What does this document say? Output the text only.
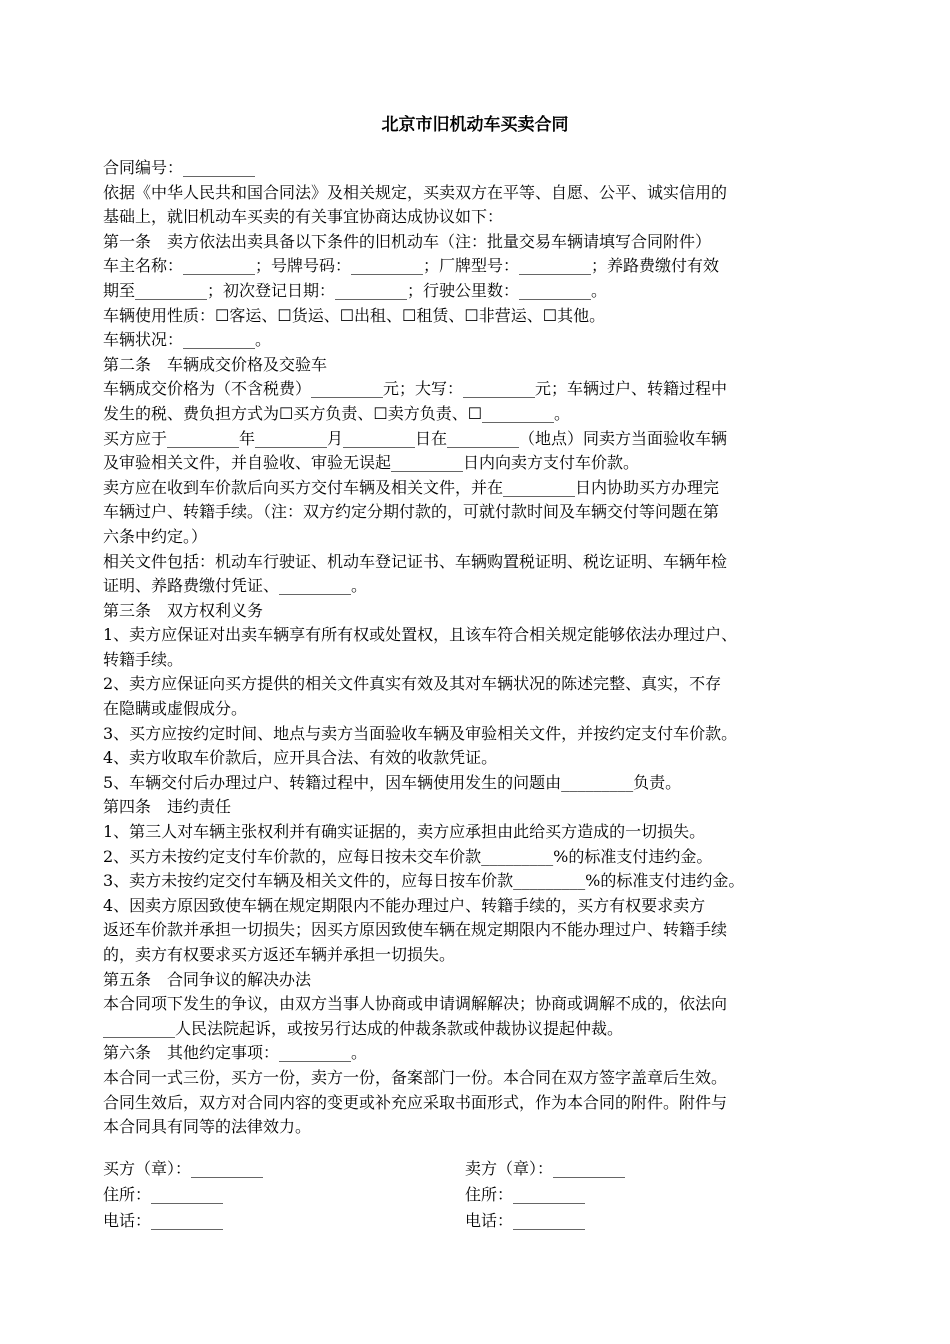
北京市旧机动车买卖合同

合同编号：_________

依据《中华人民共和国合同法》及相关规定，买卖双方在平等、自愿、公平、诚实信用的

基础上，就旧机动车买卖的有关事宜协商达成协议如下：

第一条　卖方依法出卖具备以下条件的旧机动车（注：批量交易车辆请填写合同附件）

车主名称：_________；号牌号码：_________；厂牌型号：_________；养路费缴付有效

期至_________；初次登记日期：_________；行驶公里数：_________。

车辆使用性质：☐客运、☐货运、☐出租、☐租赁、☐非营运、☐其他。

车辆状况：_________。

第二条　车辆成交价格及交验车

车辆成交价格为（不含税费）_________元；大写：_________元；车辆过户、转籍过程中

发生的税、费负担方式为☐买方负责、☐卖方负责、☐_________。

买方应于_________年_________月_________日在_________（地点）同卖方当面验收车辆

及审验相关文件，并自验收、审验无误起_________日内向卖方支付车价款。

卖方应在收到车价款后向买方交付车辆及相关文件，并在_________日内协助买方办理完

车辆过户、转籍手续。（注：双方约定分期付款的，可就付款时间及车辆交付等问题在第

六条中约定。）

相关文件包括：机动车行驶证、机动车登记证书、车辆购置税证明、税讫证明、车辆年检

证明、养路费缴付凭证、_________。

第三条　双方权利义务

1、卖方应保证对出卖车辆享有所有权或处置权，且该车符合相关规定能够依法办理过户、

转籍手续。

2、卖方应保证向买方提供的相关文件真实有效及其对车辆状况的陈述完整、真实，不存

在隐瞒或虚假成分。

3、买方应按约定时间、地点与卖方当面验收车辆及审验相关文件，并按约定支付车价款。

4、卖方收取车价款后，应开具合法、有效的收款凭证。

5、车辆交付后办理过户、转籍过程中，因车辆使用发生的问题由_________负责。

第四条　违约责任

1、第三人对车辆主张权利并有确实证据的，卖方应承担由此给买方造成的一切损失。

2、买方未按约定支付车价款的，应每日按未交车价款_________%的标准支付违约金。

3、卖方未按约定交付车辆及相关文件的，应每日按车价款_________%的标准支付违约金。

4、因卖方原因致使车辆在规定期限内不能办理过户、转籍手续的，买方有权要求卖方

返还车价款并承担一切损失；因买方原因致使车辆在规定期限内不能办理过户、转籍手续

的，卖方有权要求买方返还车辆并承担一切损失。

第五条　合同争议的解决办法

本合同项下发生的争议，由双方当事人协商或申请调解解决；协商或调解不成的，依法向

_________人民法院起诉，或按另行达成的仲裁条款或仲裁协议提起仲裁。

第六条　其他约定事项：_________。

本合同一式三份，买方一份，卖方一份，备案部门一份。本合同在双方签字盖章后生效。

合同生效后，双方对合同内容的变更或补充应采取书面形式，作为本合同的附件。附件与

本合同具有同等的法律效力。

买方（章）：_________	卖方（章）：_________
住所：_________	住所：_________
电话：_________	电话：_________
